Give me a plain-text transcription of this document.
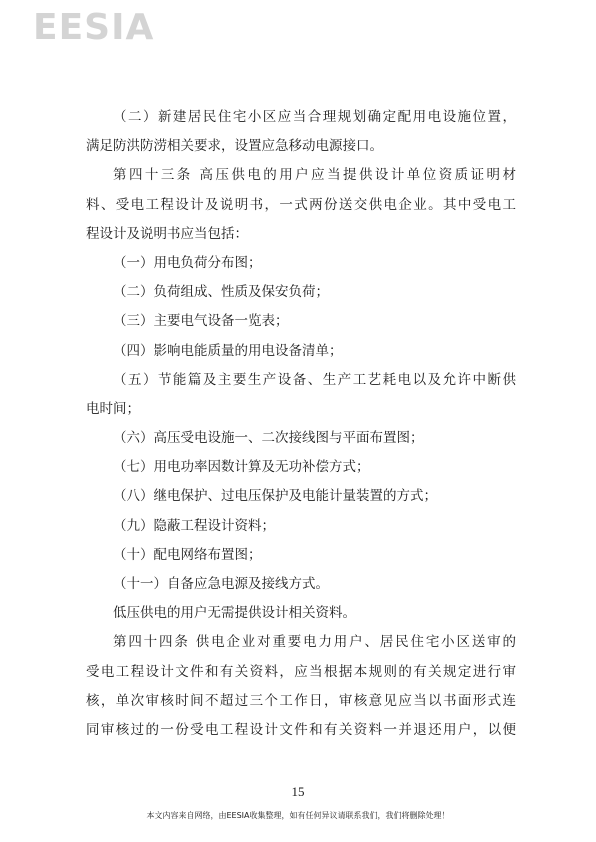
EESIA
（二）新建居民住宅小区应当合理规划确定配用电设施位置，
满足防洪防涝相关要求，设置应急移动电源接口。
第四十三条 高压供电的用户应当提供设计单位资质证明材
料、受电工程设计及说明书，一式两份送交供电企业。其中受电工
程设计及说明书应当包括：
（一）用电负荷分布图；
（二）负荷组成、性质及保安负荷；
（三）主要电气设备一览表；
（四）影响电能质量的用电设备清单；
（五）节能篇及主要生产设备、生产工艺耗电以及允许中断供
电时间；
（六）高压受电设施一、二次接线图与平面布置图；
（七）用电功率因数计算及无功补偿方式；
（八）继电保护、过电压保护及电能计量装置的方式；
（九）隐蔽工程设计资料；
（十）配电网络布置图；
（十一）自备应急电源及接线方式。
低压供电的用户无需提供设计相关资料。
第四十四条 供电企业对重要电力用户、居民住宅小区送审的
受电工程设计文件和有关资料，应当根据本规则的有关规定进行审
核，单次审核时间不超过三个工作日，审核意见应当以书面形式连
同审核过的一份受电工程设计文件和有关资料一并退还用户，以便
15
本文内容来自网络，由EESIA收集整理，如有任何异议请联系我们，我们将删除处理！
